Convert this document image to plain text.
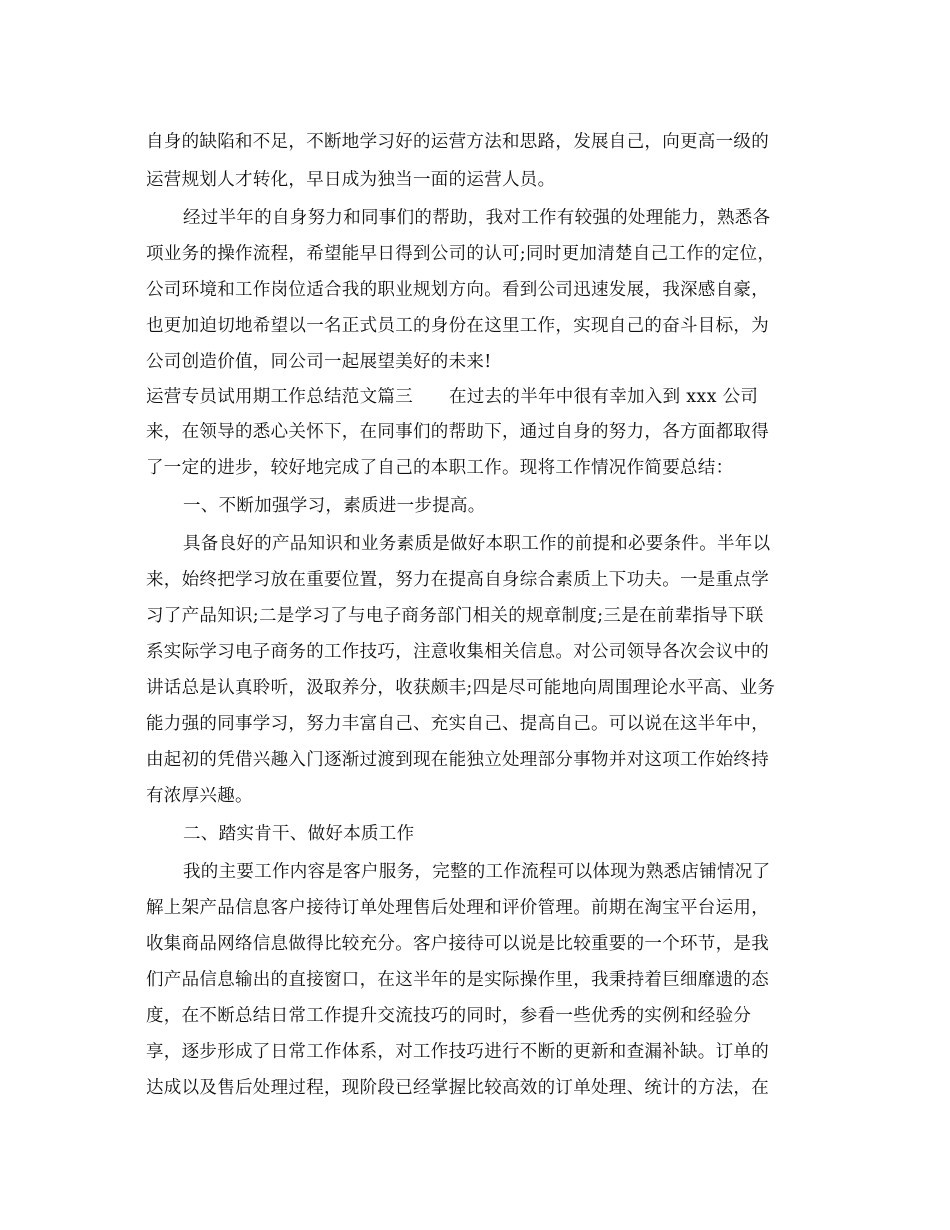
自身的缺陷和不足，不断地学习好的运营方法和思路，发展自己，向更高一级的
运营规划人才转化，早日成为独当一面的运营人员。
经过半年的自身努力和同事们的帮助，我对工作有较强的处理能力，熟悉各
项业务的操作流程，希望能早日得到公司的认可;同时更加清楚自己工作的定位，
公司环境和工作岗位适合我的职业规划方向。看到公司迅速发展，我深感自豪，
也更加迫切地希望以一名正式员工的身份在这里工作，实现自己的奋斗目标，为
公司创造价值，同公司一起展望美好的未来!
运营专员试用期工作总结范文篇三 在过去的半年中很有幸加入到 xxx 公司
来，在领导的悉心关怀下，在同事们的帮助下，通过自身的努力，各方面都取得
了一定的进步，较好地完成了自己的本职工作。现将工作情况作简要总结：
一、不断加强学习，素质进一步提高。
具备良好的产品知识和业务素质是做好本职工作的前提和必要条件。半年以
来，始终把学习放在重要位置，努力在提高自身综合素质上下功夫。一是重点学
习了产品知识;二是学习了与电子商务部门相关的规章制度;三是在前辈指导下联
系实际学习电子商务的工作技巧，注意收集相关信息。对公司领导各次会议中的
讲话总是认真聆听，汲取养分，收获颇丰;四是尽可能地向周围理论水平高、业务
能力强的同事学习，努力丰富自己、充实自己、提高自己。可以说在这半年中，
由起初的凭借兴趣入门逐渐过渡到现在能独立处理部分事物并对这项工作始终持
有浓厚兴趣。
二、踏实肯干、做好本质工作
我的主要工作内容是客户服务，完整的工作流程可以体现为熟悉店铺情况了
解上架产品信息客户接待订单处理售后处理和评价管理。前期在淘宝平台运用，
收集商品网络信息做得比较充分。客户接待可以说是比较重要的一个环节，是我
们产品信息输出的直接窗口，在这半年的是实际操作里，我秉持着巨细靡遗的态
度，在不断总结日常工作提升交流技巧的同时，参看一些优秀的实例和经验分
享，逐步形成了日常工作体系，对工作技巧进行不断的更新和查漏补缺。订单的
达成以及售后处理过程，现阶段已经掌握比较高效的订单处理、统计的方法，在
